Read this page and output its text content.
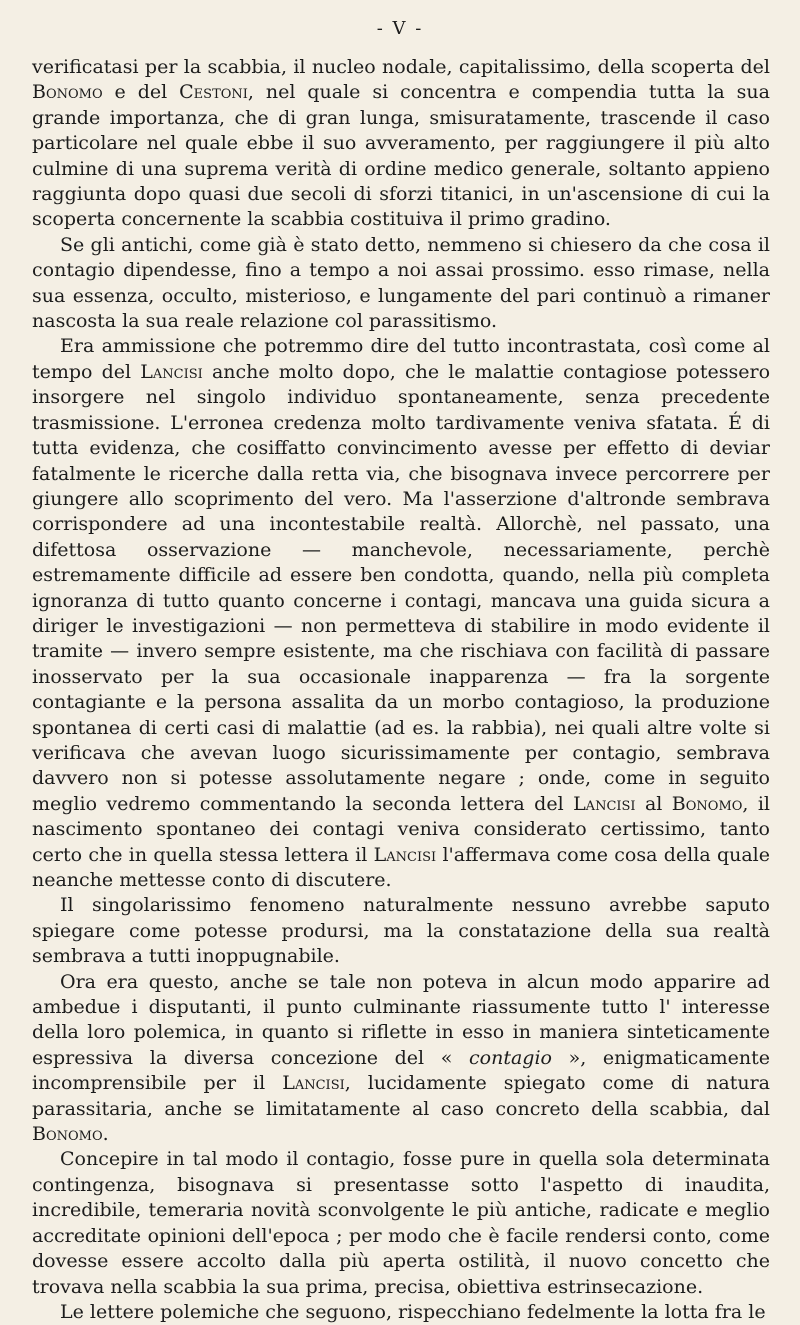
- V -

verificatasi per la scabbia, il nucleo nodale, capitalissimo, della scoperta del Bonomo e del Cestoni, nel quale si concentra e compendia tutta la sua grande importanza, che di gran lunga, smisuratamente, trascende il caso particolare nel quale ebbe il suo avveramento, per raggiungere il più alto culmine di una suprema verità di ordine medico generale, soltanto appieno raggiunta dopo quasi due secoli di sforzi titanici, in un'ascensione di cui la scoperta concernente la scabbia costituiva il primo gradino.

Se gli antichi, come già è stato detto, nemmeno si chiesero da che cosa il contagio dipendesse, fino a tempo a noi assai prossimo. esso rimase, nella sua essenza, occulto, misterioso, e lungamente del pari continuò a rimaner nascosta la sua reale relazione col parassitismo.

Era ammissione che potremmo dire del tutto incontrastata, così come al tempo del Lancisi anche molto dopo, che le malattie contagiose potessero insorgere nel singolo individuo spontaneamente, senza precedente trasmissione. L'erronea credenza molto tardivamente veniva sfatata. É di tutta evidenza, che cosiffatto convincimento avesse per effetto di deviar fatalmente le ricerche dalla retta via, che bisognava invece percorrere per giungere allo scoprimento del vero. Ma l'asserzione d'altronde sembrava corrispondere ad una incontestabile realtà. Allorchè, nel passato, una difettosa osservazione — manchevole, necessariamente, perchè estremamente difficile ad essere ben condotta, quando, nella più completa ignoranza di tutto quanto concerne i contagi, mancava una guida sicura a diriger le investigazioni — non permetteva di stabilire in modo evidente il tramite — invero sempre esistente, ma che rischiava con facilità di passare inosservato per la sua occasionale inapparenza — fra la sorgente contagiante e la persona assalita da un morbo contagioso, la produzione spontanea di certi casi di malattie (ad es. la rabbia), nei quali altre volte si verificava che avevan luogo sicurissimamente per contagio, sembrava davvero non si potesse assolutamente negare ; onde, come in seguito meglio vedremo commentando la seconda lettera del Lancisi al Bonomo, il nascimento spontaneo dei contagi veniva considerato certissimo, tanto certo che in quella stessa lettera il Lancisi l'affermava come cosa della quale neanche mettesse conto di discutere.

Il singolarissimo fenomeno naturalmente nessuno avrebbe saputo spiegare come potesse prodursi, ma la constatazione della sua realtà sembrava a tutti inoppugnabile.

Ora era questo, anche se tale non poteva in alcun modo apparire ad ambedue i disputanti, il punto culminante riassumente tutto l' interesse della loro polemica, in quanto si riflette in esso in maniera sinteticamente espressiva la diversa concezione del « contagio », enigmaticamente incomprensibile per il Lancisi, lucidamente spiegato come di natura parassitaria, anche se limitatamente al caso concreto della scabbia, dal Bonomo.

Concepire in tal modo il contagio, fosse pure in quella sola determinata contingenza, bisognava si presentasse sotto l'aspetto di inaudita, incredibile, temeraria novità sconvolgente le più antiche, radicate e meglio accreditate opinioni dell'epoca ; per modo che è facile rendersi conto, come dovesse essere accolto dalla più aperta ostilità, il nuovo concetto che trovava nella scabbia la sua prima, precisa, obiettiva estrinsecazione.

Le lettere polemiche che seguono, rispecchiano fedelmente la lotta fra le
